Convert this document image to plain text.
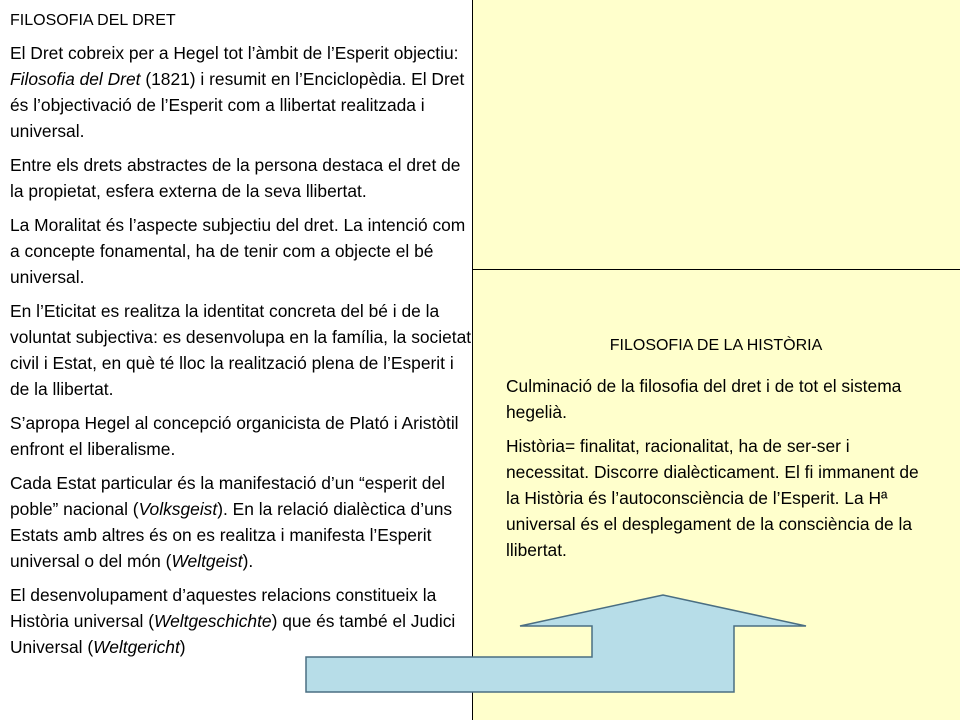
FILOSOFIA DEL DRET

El Dret cobreix per a Hegel tot l’àmbit de l’Esperit objectiu: Filosofia del Dret (1821) i resumit en l’Enciclopèdia. El Dret és l’objectivació de l’Esperit com a llibertat realitzada i universal.

Entre els drets abstractes de la persona destaca el dret de la propietat, esfera externa de la seva llibertat.

La Moralitat és l’aspecte subjectiu del dret. La intenció com a concepte fonamental, ha de tenir com a objecte el bé universal.

En l’Eticitat es realitza la identitat concreta del bé i de la voluntat subjectiva: es desenvolupa en la família, la societat civil i Estat, en què té lloc la realització plena de l’Esperit i de la llibertat.

S’apropa Hegel al concepció organicista de Plató i Aristòtil enfront el liberalisme.

Cada Estat particular és la manifestació d’un “esperit del poble” nacional (Volksgeist). En la relació dialèctica d’uns Estats amb altres és on es realitza i manifesta l’Esperit universal o del món (Weltgeist).

El desenvolupament d’aquestes relacions constitueix la Història universal (Weltgeschichte) que és també el Judici Universal (Weltgericht)

FILOSOFIA DE LA HISTÒRIA

Culminació de la filosofia del dret i de tot el sistema hegelià.

Història= finalitat, racionalitat, ha de ser-ser i necessitat. Discorre dialècticament. El fi immanent de la Història és l’autoconsciència de l’Esperit. La Hª universal és el desplegament de la consciència de la llibertat.
